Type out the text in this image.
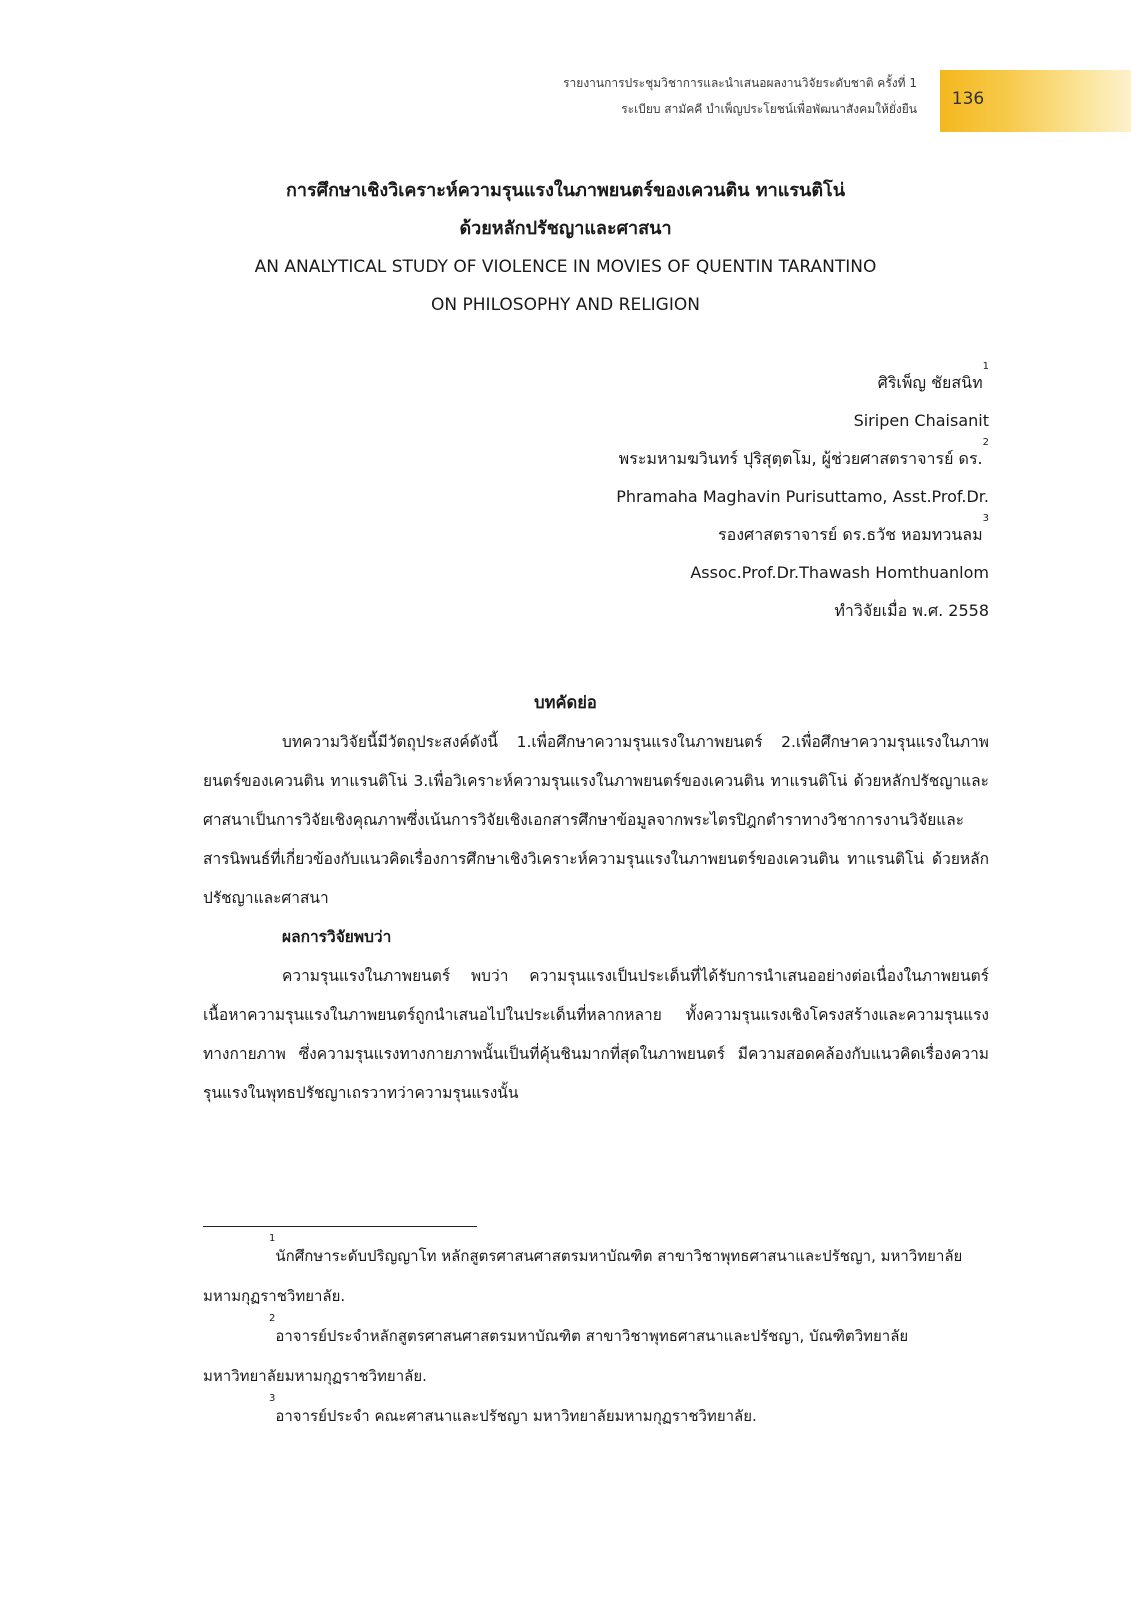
รายงานการประชุมวิชาการและนำเสนอผลงานวิจัยระดับชาติ ครั้งที่ 1
ระเบียบ สามัคคี บำเพ็ญประโยชน์เพื่อพัฒนาสังคมให้ยั่งยืน	136
การศึกษาเชิงวิเคราะห์ความรุนแรงในภาพยนตร์ของเควนติน ทาแรนติโน่
ด้วยหลักปรัชญาและศาสนา
AN ANALYTICAL STUDY OF VIOLENCE IN MOVIES OF QUENTIN TARANTINO
ON PHILOSOPHY AND RELIGION
ศิริเพ็ญ ชัยสนิท$^1$
Siripen Chaisanit
พระมหามฆวินทร์ ปุริสุตฺตโม, ผู้ช่วยศาสตราจารย์ ดร.$^2$
Phramaha Maghavin Purisuttamo, Asst.Prof.Dr.
รองศาสตราจารย์ ดร.ธวัช หอมทวนลม$^3$
Assoc.Prof.Dr.Thawash Homthuanlom
ทำวิจัยเมื่อ พ.ศ. 2558
บทคัดย่อ

บทความวิจัยนี้มีวัตถุประสงค์ดังนี้ 1.เพื่อศึกษาความรุนแรงในภาพยนตร์ 2.เพื่อศึกษาความรุนแรงในภาพยนตร์ของเควนติน ทาแรนติโน่ 3.เพื่อวิเคราะห์ความรุนแรงในภาพยนตร์ของเควนติน ทาแรนติโน่ ด้วยหลักปรัชญาและศาสนาเป็นการวิจัยเชิงคุณภาพซึ่งเน้นการวิจัยเชิงเอกสารศึกษาข้อมูลจากพระไตรปิฎกตำราทางวิชาการงานวิจัยและสารนิพนธ์ที่เกี่ยวข้องกับแนวคิดเรื่องการศึกษาเชิงวิเคราะห์ความรุนแรงในภาพยนตร์ของเควนติน ทาแรนติโน่ ด้วยหลักปรัชญาและศาสนา

ผลการวิจัยพบว่า

ความรุนแรงในภาพยนตร์ พบว่า ความรุนแรงเป็นประเด็นที่ได้รับการนำเสนออย่างต่อเนื่องในภาพยนตร์ เนื้อหาความรุนแรงในภาพยนตร์ถูกนำเสนอไปในประเด็นที่หลากหลาย ทั้งความรุนแรงเชิงโครงสร้างและความรุนแรงทางกายภาพ ซึ่งความรุนแรงทางกายภาพนั้นเป็นที่คุ้นชินมากที่สุดในภาพยนตร์ มีความสอดคล้องกับแนวคิดเรื่องความรุนแรงในพุทธปรัชญาเถรวาทว่าความรุนแรงนั้น

$^1$นักศึกษาระดับปริญญาโท หลักสูตรศาสนศาสตรมหาบัณฑิต สาขาวิชาพุทธศาสนาและปรัชญา, มหาวิทยาลัยมหามกุฏราชวิทยาลัย.

$^2$อาจารย์ประจำหลักสูตรศาสนศาสตรมหาบัณฑิต สาขาวิชาพุทธศาสนาและปรัชญา, บัณฑิตวิทยาลัย มหาวิทยาลัยมหามกุฏราชวิทยาลัย.

$^3$อาจารย์ประจำ คณะศาสนาและปรัชญา มหาวิทยาลัยมหามกุฏราชวิทยาลัย.
